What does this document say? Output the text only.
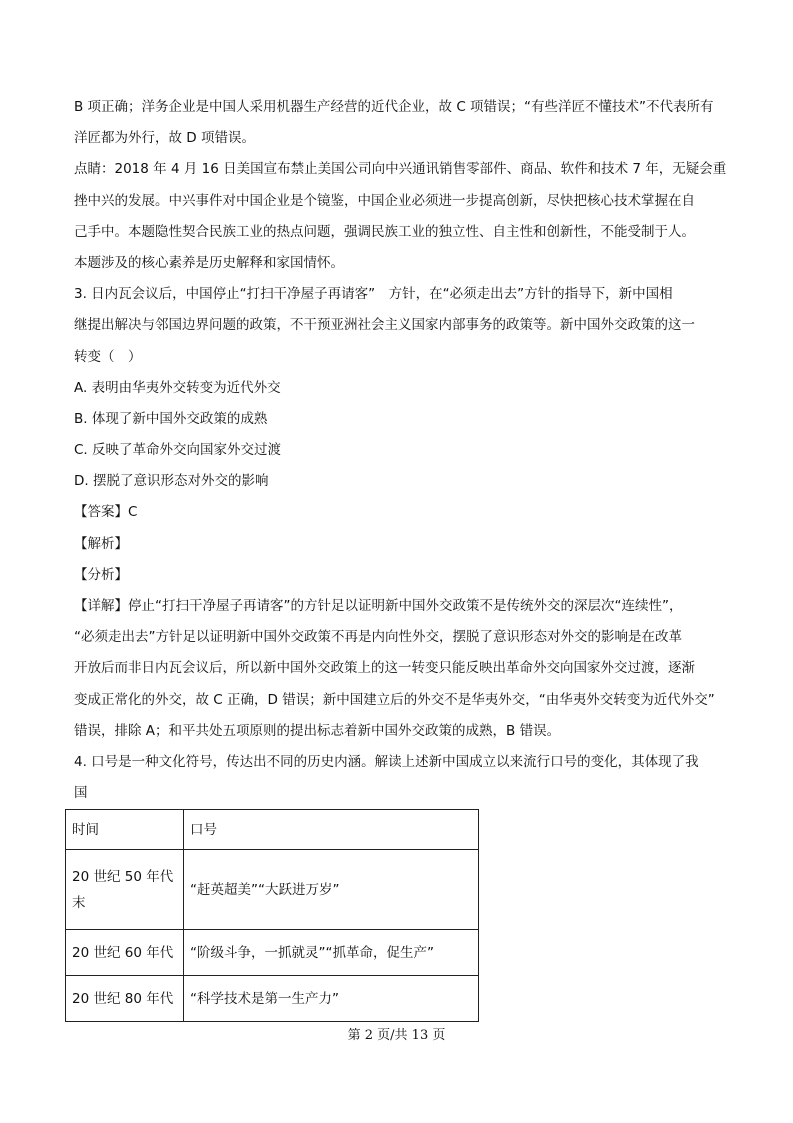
B 项正确；洋务企业是中国人采用机器生产经营的近代企业，故 C 项错误；“有些洋匠不懂技术”不代表所有
洋匠都为外行，故 D 项错误。
点睛：2018 年 4 月 16 日美国宣布禁止美国公司向中兴通讯销售零部件、商品、软件和技术 7 年，无疑会重
挫中兴的发展。中兴事件对中国企业是个镜鉴，中国企业必须进一步提高创新，尽快把核心技术掌握在自
己手中。本题隐性契合民族工业的热点问题，强调民族工业的独立性、自主性和创新性，不能受制于人。
本题涉及的核心素养是历史解释和家国情怀。
3. 日内瓦会议后，中国停止“打扫干净屋子再请客”　方针，在“必须走出去”方针的指导下，新中国相
继提出解决与邻国边界问题的政策，不干预亚洲社会主义国家内部事务的政策等。新中国外交政策的这一
转变（　）
A. 表明由华夷外交转变为近代外交
B. 体现了新中国外交政策的成熟
C. 反映了革命外交向国家外交过渡
D. 摆脱了意识形态对外交的影响
【答案】C
【解析】
【分析】
【详解】停止“打扫干净屋子再请客”的方针足以证明新中国外交政策不是传统外交的深层次“连续性”，
“必须走出去”方针足以证明新中国外交政策不再是内向性外交，摆脱了意识形态对外交的影响是在改革
开放后而非日内瓦会议后，所以新中国外交政策上的这一转变只能反映出革命外交向国家外交过渡，逐渐
变成正常化的外交，故 C 正确，D 错误；新中国建立后的外交不是华夷外交，“由华夷外交转变为近代外交”
错误，排除 A；和平共处五项原则的提出标志着新中国外交政策的成熟，B 错误。
4. 口号是一种文化符号，传达出不同的历史内涵。解读上述新中国成立以来流行口号的变化，其体现了我
国
时间	口号
20 世纪 50 年代末	“赶英超美”“大跃进万岁”
20 世纪 60 年代	“阶级斗争，一抓就灵”“抓革命，促生产”
20 世纪 80 年代	“科学技术是第一生产力”
第 2 页/共 13 页
